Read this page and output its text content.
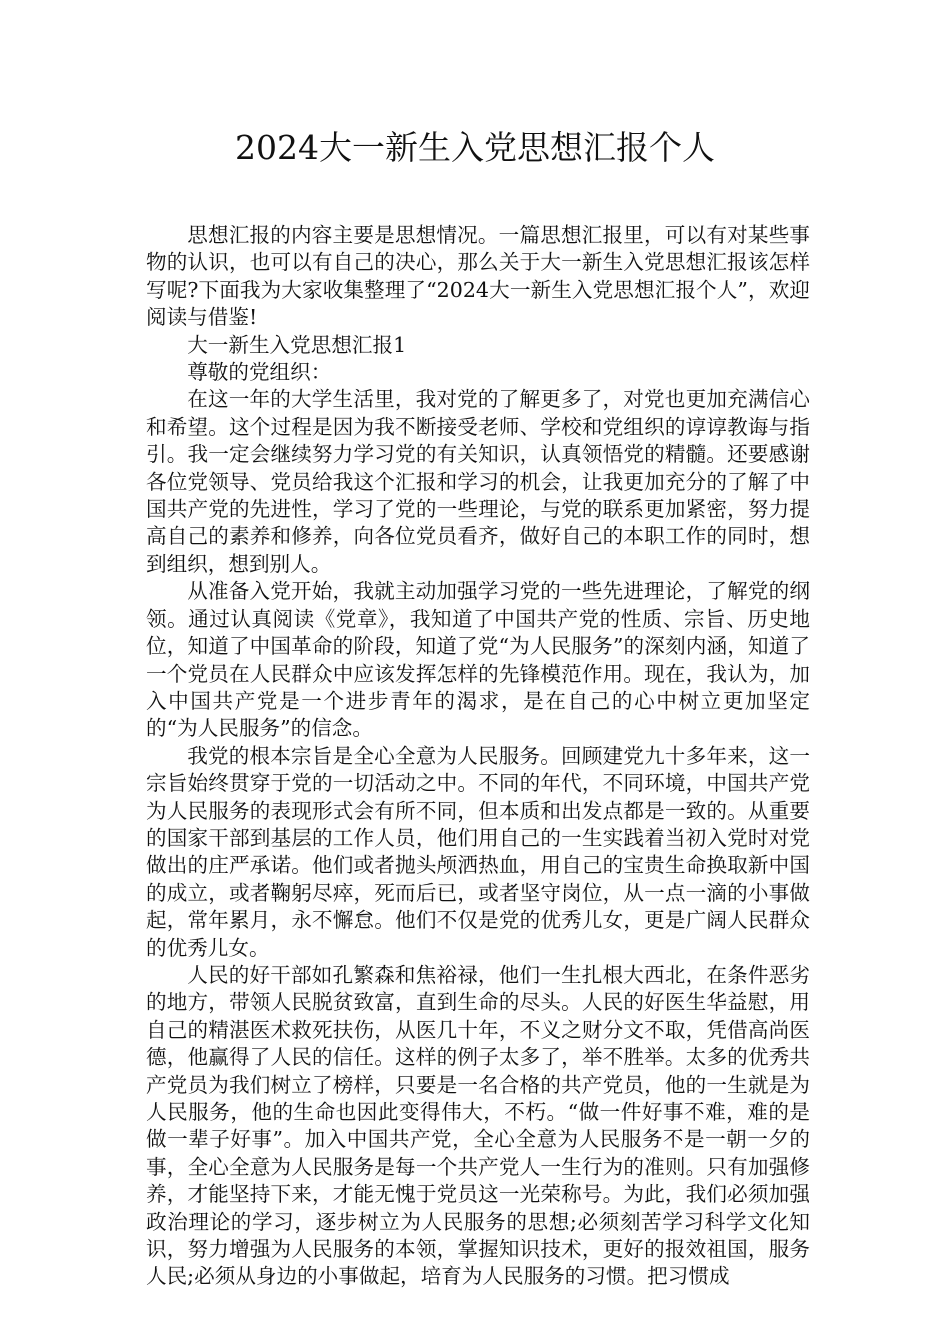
2024大一新生入党思想汇报个人

思想汇报的内容主要是思想情况。一篇思想汇报里，可以有对某些事物的认识，也可以有自己的决心，那么关于大一新生入党思想汇报该怎样写呢?下面我为大家收集整理了“2024大一新生入党思想汇报个人”，欢迎阅读与借鉴!

大一新生入党思想汇报1

尊敬的党组织：

在这一年的大学生活里，我对党的了解更多了，对党也更加充满信心和希望。这个过程是因为我不断接受老师、学校和党组织的谆谆教诲与指引。我一定会继续努力学习党的有关知识，认真领悟党的精髓。还要感谢各位党领导、党员给我这个汇报和学习的机会，让我更加充分的了解了中国共产党的先进性，学习了党的一些理论，与党的联系更加紧密，努力提高自己的素养和修养，向各位党员看齐，做好自己的本职工作的同时，想到组织，想到别人。

从准备入党开始，我就主动加强学习党的一些先进理论，了解党的纲领。通过认真阅读《党章》，我知道了中国共产党的性质、宗旨、历史地位，知道了中国革命的阶段，知道了党“为人民服务”的深刻内涵，知道了一个党员在人民群众中应该发挥怎样的先锋模范作用。现在，我认为，加入中国共产党是一个进步青年的渴求，是在自己的心中树立更加坚定的“为人民服务”的信念。

我党的根本宗旨是全心全意为人民服务。回顾建党九十多年来，这一宗旨始终贯穿于党的一切活动之中。不同的年代，不同环境，中国共产党为人民服务的表现形式会有所不同，但本质和出发点都是一致的。从重要的国家干部到基层的工作人员，他们用自己的一生实践着当初入党时对党做出的庄严承诺。他们或者抛头颅洒热血，用自己的宝贵生命换取新中国的成立，或者鞠躬尽瘁，死而后已，或者坚守岗位，从一点一滴的小事做起，常年累月，永不懈怠。他们不仅是党的优秀儿女，更是广阔人民群众的优秀儿女。

人民的好干部如孔繁森和焦裕禄，他们一生扎根大西北，在条件恶劣的地方，带领人民脱贫致富，直到生命的尽头。人民的好医生华益慰，用自己的精湛医术救死扶伤，从医几十年，不义之财分文不取，凭借高尚医德，他赢得了人民的信任。这样的例子太多了，举不胜举。太多的优秀共产党员为我们树立了榜样，只要是一名合格的共产党员，他的一生就是为人民服务，他的生命也因此变得伟大，不朽。“做一件好事不难，难的是做一辈子好事”。加入中国共产党，全心全意为人民服务不是一朝一夕的事，全心全意为人民服务是每一个共产党人一生行为的准则。只有加强修养，才能坚持下来，才能无愧于党员这一光荣称号。为此，我们必须加强政治理论的学习，逐步树立为人民服务的思想;必须刻苦学习科学文化知识，努力增强为人民服务的本领，掌握知识技术，更好的报效祖国，服务人民;必须从身边的小事做起，培育为人民服务的习惯。把习惯成
